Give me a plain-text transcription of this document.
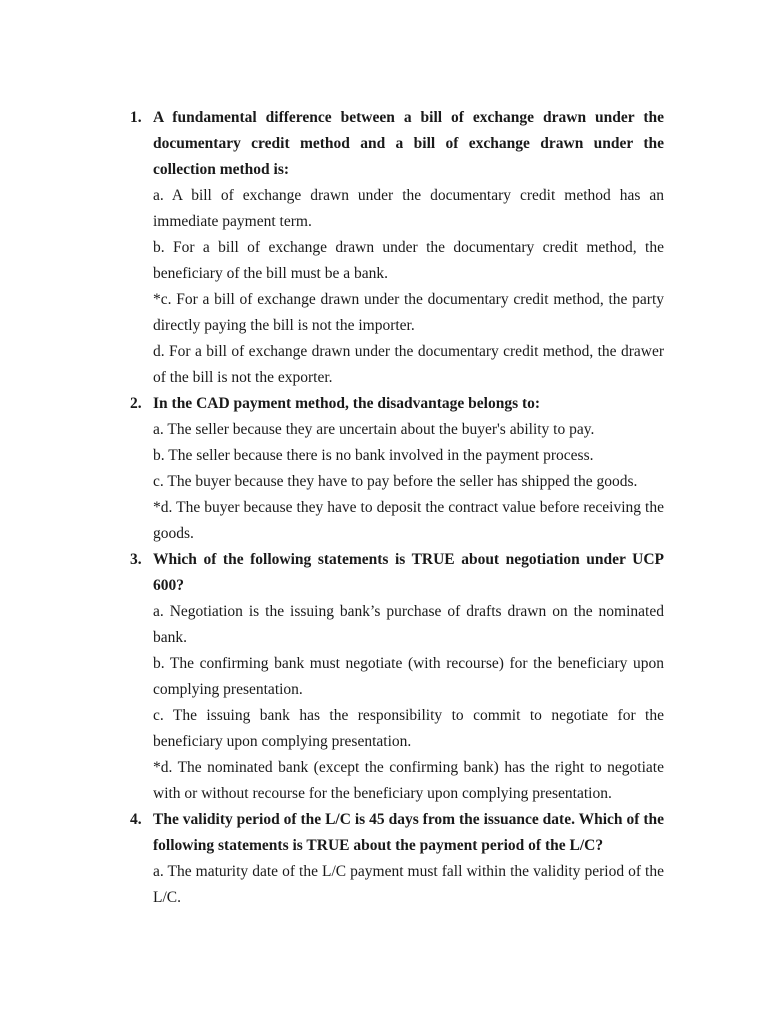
1. A fundamental difference between a bill of exchange drawn under the documentary credit method and a bill of exchange drawn under the collection method is:
a. A bill of exchange drawn under the documentary credit method has an immediate payment term.
b. For a bill of exchange drawn under the documentary credit method, the beneficiary of the bill must be a bank.
*c. For a bill of exchange drawn under the documentary credit method, the party directly paying the bill is not the importer.
d. For a bill of exchange drawn under the documentary credit method, the drawer of the bill is not the exporter.
2. In the CAD payment method, the disadvantage belongs to:
a. The seller because they are uncertain about the buyer's ability to pay.
b. The seller because there is no bank involved in the payment process.
c. The buyer because they have to pay before the seller has shipped the goods.
*d. The buyer because they have to deposit the contract value before receiving the goods.
3. Which of the following statements is TRUE about negotiation under UCP 600?
a. Negotiation is the issuing bank’s purchase of drafts drawn on the nominated bank.
b. The confirming bank must negotiate (with recourse) for the beneficiary upon complying presentation.
c. The issuing bank has the responsibility to commit to negotiate for the beneficiary upon complying presentation.
*d. The nominated bank (except the confirming bank) has the right to negotiate with or without recourse for the beneficiary upon complying presentation.
4. The validity period of the L/C is 45 days from the issuance date. Which of the following statements is TRUE about the payment period of the L/C?
a. The maturity date of the L/C payment must fall within the validity period of the L/C.
